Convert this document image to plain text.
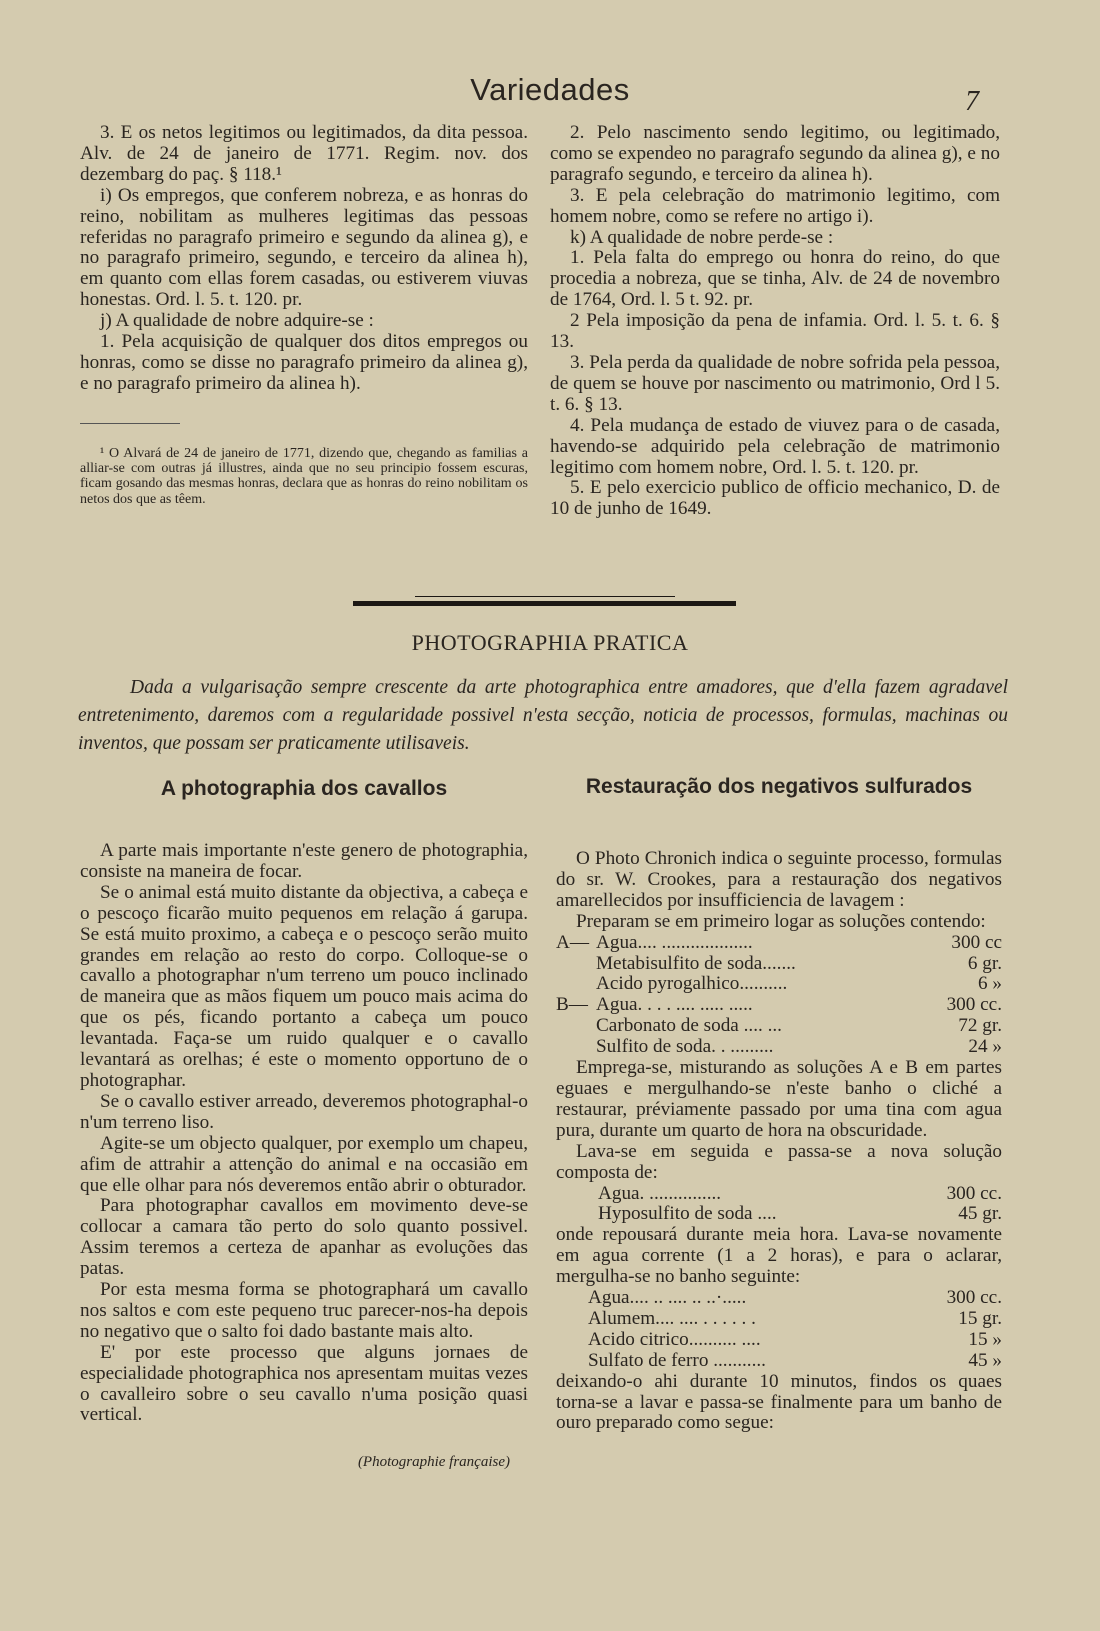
Variedades	7

3. E os netos legitimos ou legitimados, da dita pessoa. Alv. de 24 de janeiro de 1771. Regim. nov. dos dezembarg do paç. § 118.¹

i) Os empregos, que conferem nobreza, e as honras do reino, nobilitam as mulheres legitimas das pessoas referidas no paragrafo primeiro e segundo da alinea g), e no paragrafo primeiro, segundo, e terceiro da alinea h), em quanto com ellas forem casadas, ou estiverem viuvas honestas. Ord. l. 5. t. 120. pr.

j) A qualidade de nobre adquire-se :

1. Pela acquisição de qualquer dos ditos empregos ou honras, como se disse no paragrafo primeiro da alinea g), e no paragrafo primeiro da alinea h).

¹ O Alvará de 24 de janeiro de 1771, dizendo que, chegando as familias a alliar-se com outras já illustres, ainda que no seu principio fossem escuras, ficam gosando das mesmas honras, declara que as honras do reino nobilitam os netos dos que as têem.

2. Pelo nascimento sendo legitimo, ou legitimado, como se expendeo no paragrafo segundo da alinea g), e no paragrafo segundo, e terceiro da alinea h).

3. E pela celebração do matrimonio legitimo, com homem nobre, como se refere no artigo i).

k) A qualidade de nobre perde-se :

1. Pela falta do emprego ou honra do reino, do que procedia a nobreza, que se tinha, Alv. de 24 de novembro de 1764, Ord. l. 5 t. 92. pr.

2 Pela imposição da pena de infamia. Ord. l. 5. t. 6. § 13.

3. Pela perda da qualidade de nobre sofrida pela pessoa, de quem se houve por nascimento ou matrimonio, Ord l 5. t. 6. § 13.

4. Pela mudança de estado de viuvez para o de casada, havendo-se adquirido pela celebração de matrimonio legitimo com homem nobre, Ord. l. 5. t. 120. pr.

5. E pelo exercicio publico de officio mechanico, D. de 10 de junho de 1649.

PHOTOGRAPHIA PRATICA

Dada a vulgarisação sempre crescente da arte photographica entre amadores, que d'ella fazem agradavel entretenimento, daremos com a regularidade possivel n'esta secção, noticia de processos, formulas, machinas ou inventos, que possam ser praticamente utilisaveis.

A photographia dos cavallos	Restauração dos negativos sulfurados

A parte mais importante n'este genero de photographia, consiste na maneira de focar.

Se o animal está muito distante da objectiva, a cabeça e o pescoço ficarão muito pequenos em relação á garupa. Se está muito proximo, a cabeça e o pescoço serão muito grandes em relação ao resto do corpo. Colloque-se o cavallo a photographar n'um terreno um pouco inclinado de maneira que as mãos fiquem um pouco mais acima do que os pés, ficando portanto a cabeça um pouco levantada. Faça-se um ruido qualquer e o cavallo levantará as orelhas; é este o momento opportuno de o photographar.

Se o cavallo estiver arreado, deveremos photographal-o n'um terreno liso.

Agite-se um objecto qualquer, por exemplo um chapeu, afim de attrahir a attenção do animal e na occasião em que elle olhar para nós deveremos então abrir o obturador.

Para photographar cavallos em movimento deve-se collocar a camara tão perto do solo quanto possivel. Assim teremos a certeza de apanhar as evoluções das patas.

Por esta mesma forma se photographará um cavallo nos saltos e com este pequeno truc parecer-nos-ha depois no negativo que o salto foi dado bastante mais alto.

E' por este processo que alguns jornaes de especialidade photographica nos apresentam muitas vezes o cavalleiro sobre o seu cavallo n'uma posição quasi vertical.

(Photographie française)

O Photo Chronich indica o seguinte processo, formulas do sr. W. Crookes, para a restauração dos negativos amarellecidos por insufficiencia de lavagem :

Preparam se em primeiro logar as soluções contendo:

A—	Agua.... ...................	300 cc
	Metabisulfito de soda.......	6 gr.
	Acido pyrogalhico..........	6 »
B—	Agua. . . . .... ..... .....	300 cc.
	Carbonato de soda .... ...	72 gr.
	Sulfito de soda. . .........	24 »

Emprega-se, misturando as soluções A e B em partes eguaes e mergulhando-se n'este banho o cliché a restaurar, préviamente passado por uma tina com agua pura, durante um quarto de hora na obscuridade.

Lava-se em seguida e passa-se a nova solução composta de:

Agua. ...............	300 cc.
Hyposulfito de soda ....	45 gr.

onde repousará durante meia hora. Lava-se novamente em agua corrente (1 a 2 horas), e para o aclarar, mergulha-se no banho seguinte:

Agua.... .. .... .. ..·.....	300 cc.
Alumem.... .... . . . . . .	15 gr.
Acido citrico.......... ....	15 »
Sulfato de ferro ...........	45 »

deixando-o ahi durante 10 minutos, findos os quaes torna-se a lavar e passa-se finalmente para um banho de ouro preparado como segue:
